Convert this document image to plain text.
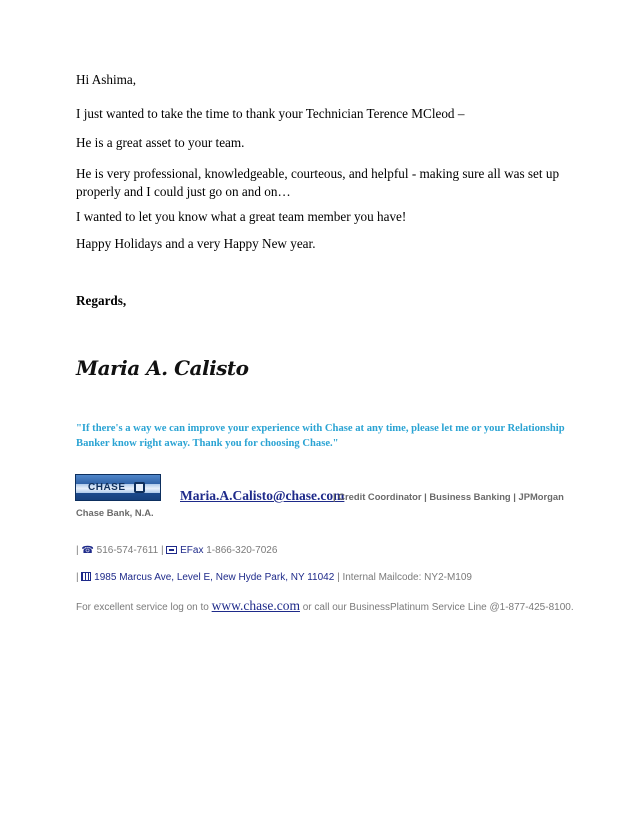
Hi Ashima,

I just wanted to take the time to thank your Technician Terence MCleod –

He is a great asset to your team.

He is very professional, knowledgeable, courteous, and helpful - making sure all was set up

properly and I could just go on and on…

I wanted to let you know what a great team member you have!

Happy Holidays and a very Happy New year.

Regards,

Maria A. Calisto
"If there's a way we can improve your experience with Chase at any time, please let me or your Relationship
Banker know right away. Thank you for choosing Chase."
CHASE
Maria.A.Calisto@chase.com
| Credit Coordinator | Business Banking | JPMorgan
Chase Bank, N.A.
| ☎ 516-574-7611 | EFax 1-866-320-7026
| 1985 Marcus Ave, Level E, New Hyde Park, NY 11042 | Internal Mailcode: NY2-M109
For excellent service log on to www.chase.com or call our BusinessPlatinum Service Line @1-877-425-8100.
